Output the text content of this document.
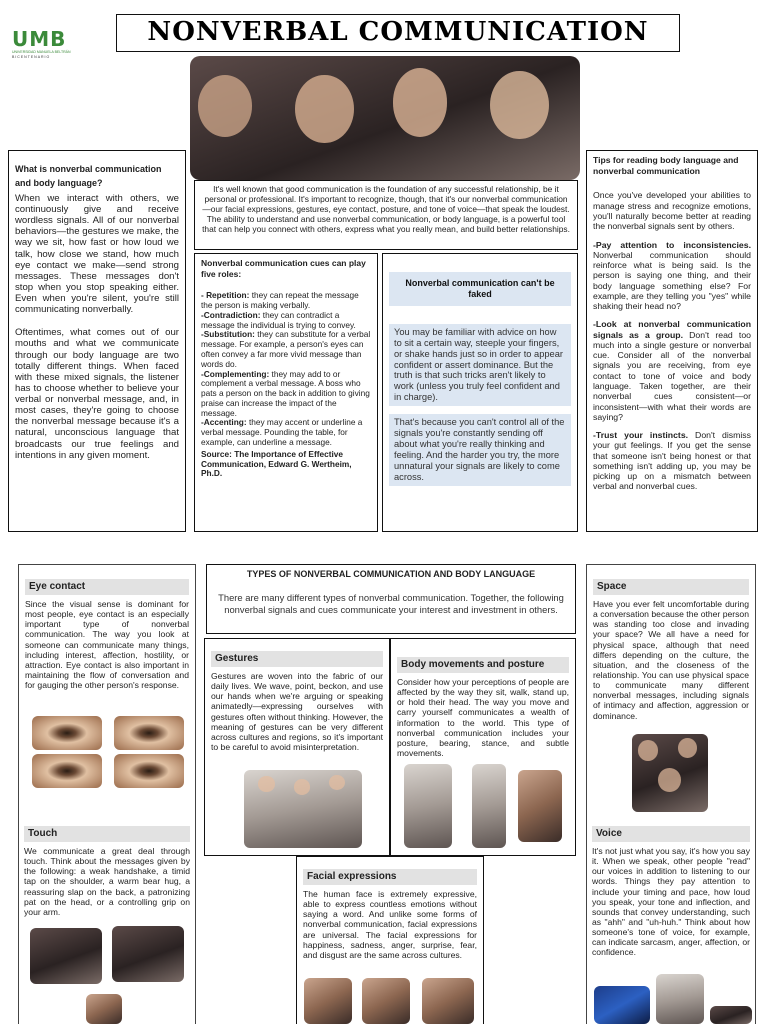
UMB
UNIVERSIDAD MANUELA BELTRÁN
BICENTENARIO
NONVERBAL COMMUNICATION
It's well known that good communication is the foundation of any successful relationship, be it personal or professional. It's important to recognize, though, that it's our nonverbal communication—our facial expressions, gestures, eye contact, posture, and tone of voice—that speak the loudest. The ability to understand and use nonverbal communication, or body language, is a powerful tool that can help you connect with others, express what you really mean, and build better relationships.
What is nonverbal communication and body language?
When we interact with others, we continuously give and receive wordless signals. All of our nonverbal behaviors—the gestures we make, the way we sit, how fast or how loud we talk, how close we stand, how much eye contact we make—send strong messages. These messages don't stop when you stop speaking either. Even when you're silent, you're still communicating nonverbally.
Oftentimes, what comes out of our mouths and what we communicate through our body language are two totally different things. When faced with these mixed signals, the listener has to choose whether to believe your verbal or nonverbal message, and, in most cases, they're going to choose the nonverbal message because it's a natural, unconscious language that broadcasts our true feelings and intentions in any given moment.
Nonverbal communication cues can play five roles:
- Repetition: they can repeat the message the person is making verbally.
-Contradiction: they can contradict a message the individual is trying to convey.
-Substitution: they can substitute for a verbal message. For example, a person's eyes can often convey a far more vivid message than words do.
-Complementing: they may add to or complement a verbal message. A boss who pats a person on the back in addition to giving praise can increase the impact of the message.
-Accenting: they may accent or underline a verbal message. Pounding the table, for example, can underline a message.
Source: The Importance of Effective Communication, Edward G. Wertheim, Ph.D.
Nonverbal communication can't be faked
You may be familiar with advice on how to sit a certain way, steeple your fingers, or shake hands just so in order to appear confident or assert dominance. But the truth is that such tricks aren't likely to work (unless you truly feel confident and in charge).
That's because you can't control all of the signals you're constantly sending off about what you're really thinking and feeling. And the harder you try, the more unnatural your signals are likely to come across.
Tips for reading body language and nonverbal communication
Once you've developed your abilities to manage stress and recognize emotions, you'll naturally become better at reading the nonverbal signals sent by others.
-Pay attention to inconsistencies. Nonverbal communication should reinforce what is being said. Is the person is saying one thing, and their body language something else? For example, are they telling you "yes" while shaking their head no?
-Look at nonverbal communication signals as a group. Don't read too much into a single gesture or nonverbal cue. Consider all of the nonverbal signals you are receiving, from eye contact to tone of voice and body language. Taken together, are their nonverbal cues consistent—or inconsistent—with what their words are saying?
-Trust your instincts. Don't dismiss your gut feelings. If you get the sense that someone isn't being honest or that something isn't adding up, you may be picking up on a mismatch between verbal and nonverbal cues.
Eye contact
Since the visual sense is dominant for most people, eye contact is an especially important type of nonverbal communication. The way you look at someone can communicate many things, including interest, affection, hostility, or attraction. Eye contact is also important in maintaining the flow of conversation and for gauging the other person's response.
Touch
We communicate a great deal through touch. Think about the messages given by the following: a weak handshake, a timid tap on the shoulder, a warm bear hug, a reassuring slap on the back, a patronizing pat on the head, or a controlling grip on your arm.
TYPES OF NONVERBAL COMMUNICATION AND BODY LANGUAGE
There are many different types of nonverbal communication. Together, the following nonverbal signals and cues communicate your interest and investment in others.
Gestures
Gestures are woven into the fabric of our daily lives. We wave, point, beckon, and use our hands when we're arguing or speaking animatedly—expressing ourselves with gestures often without thinking. However, the meaning of gestures can be very different across cultures and regions, so it's important to be careful to avoid misinterpretation.
Body movements and posture
Consider how your perceptions of people are affected by the way they sit, walk, stand up, or hold their head. The way you move and carry yourself communicates a wealth of information to the world. This type of nonverbal communication includes your posture, bearing, stance, and subtle movements.
Facial expressions
The human face is extremely expressive, able to express countless emotions without saying a word. And unlike some forms of nonverbal communication, facial expressions are universal. The facial expressions for happiness, sadness, anger, surprise, fear, and disgust are the same across cultures.
Space
Have you ever felt uncomfortable during a conversation because the other person was standing too close and invading your space? We all have a need for physical space, although that need differs depending on the culture, the situation, and the closeness of the relationship. You can use physical space to communicate many different nonverbal messages, including signals of intimacy and affection, aggression or dominance.
Voice
It's not just what you say, it's how you say it. When we speak, other people "read" our voices in addition to listening to our words. Things they pay attention to include your timing and pace, how loud you speak, your tone and inflection, and sounds that convey understanding, such as "ahh" and "uh-huh." Think about how someone's tone of voice, for example, can indicate sarcasm, anger, affection, or confidence.
